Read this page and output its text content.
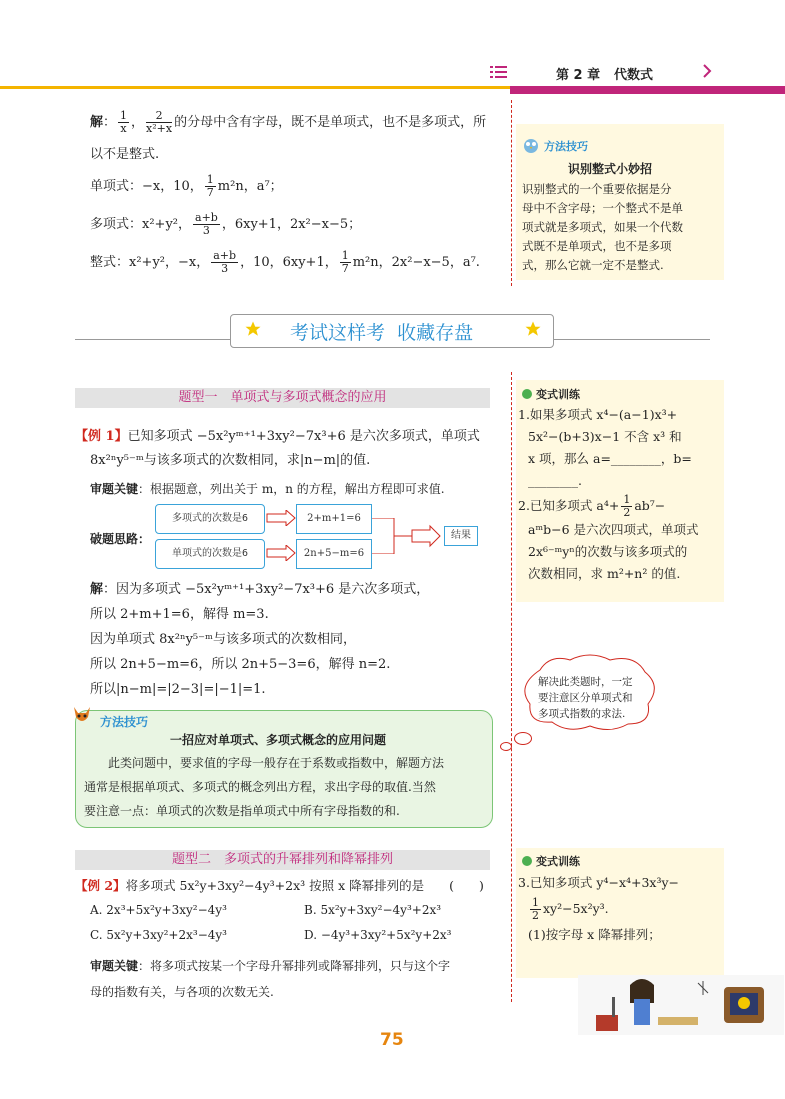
第 2 章 代数式
解： $\frac{1}{x}$ ， $\frac{2}{\text{x²+x}}$ 的分母中含有字母，既不是单项式，也不是多项式，所
以不是整式.
单项式：−x，10， $\frac{1}{7} m^2n$，a⁷；
多项式：x²+y²， $\frac{a+b}{3}$ ，6xy+1，2x²−x−5；
整式：x²+y²，−x， $\frac{a+b}{3}$ ，10，6xy+1， $\frac{1}{7} m^2n$，2x²−x−5，a⁷.
方法技巧
识别整式小妙招
识别整式的一个重要依据是分
母中不含字母；一个整式不是单
项式就是多项式，如果一个代数
式既不是单项式，也不是多项
式，那么它就一定不是整式.
考试这样考  收藏存盘
题型一　单项式与多项式概念的应用
【例 1】已知多项式 −5x²yᵐ⁺¹+3xy²−7x³+6 是六次多项式，单项式
8x²ⁿy⁵⁻ᵐ与该多项式的次数相同，求|n−m|的值.
审题关键：根据题意，列出关于 m，n 的方程，解出方程即可求值.
破题思路：
多项式的次数是6
单项式的次数是6
2+m+1=6
2n+5−m=6
结果
解：因为多项式 −5x²yᵐ⁺¹+3xy²−7x³+6 是六次多项式，
所以 2+m+1=6，解得 m=3.
因为单项式 8x²ⁿy⁵⁻ᵐ与该多项式的次数相同，
所以 2n+5−m=6，所以 2n+5−3=6，解得 n=2.
所以|n−m|=|2−3|=|−1|=1.
方法技巧
一招应对单项式、多项式概念的应用问题
　　此类问题中，要求值的字母一般存在于系数或指数中，解题方法
通常是根据单项式、多项式的概念列出方程，求出字母的取值.当然
要注意一点：单项式的次数是指单项式中所有字母指数的和.
解决此类题时，一定
要注意区分单项式和
多项式指数的求法.
变式训练
1.如果多项式 x⁴−(a−1)x³+
5x²−(b+3)x−1 不含 x³ 和
x 项，那么 a=________，b=
________.
2.已知多项式 $a^4+ \frac{1}{2} ab^7-$
aᵐb−6 是六次四项式，单项式
2x⁶⁻ᵐyⁿ的次数与该多项式的
次数相同，求 m²+n² 的值.
题型二　多项式的升幂排列和降幂排列
【例 2】将多项式 5x²y+3xy²−4y³+2x³ 按照 x 降幂排列的是　　(　　)
A. 2x³+5x²y+3xy²−4y³	B. 5x²y+3xy²−4y³+2x³
C. 5x²y+3xy²+2x³−4y³	D. −4y³+3xy²+5x²y+2x³
审题关键：将多项式按某一个字母升幂排列或降幂排列，只与这个字
母的指数有关，与各项的次数无关.
变式训练
3.已知多项式 y⁴−x⁴+3x³y−
$\frac{1}{2} xy^2-5x^2y^3$.
(1)按字母 x 降幂排列；
75
